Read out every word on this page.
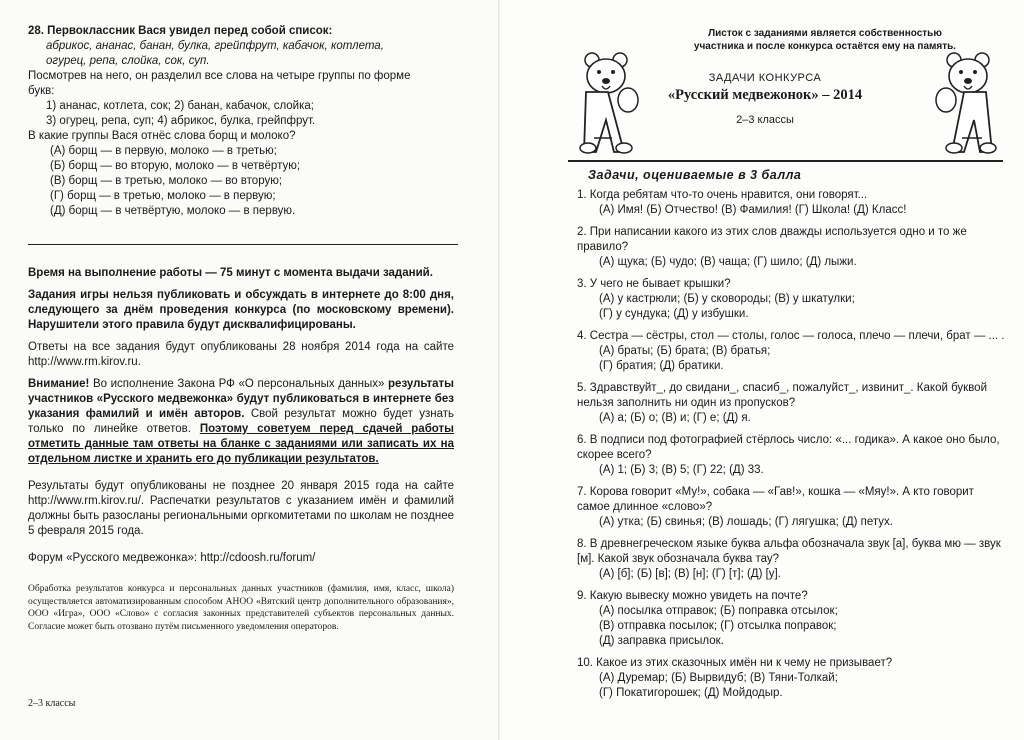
28. Первоклассник Вася увидел перед собой список:
абрикос, ананас, банан, булка, грейпфрут, кабачок, котлета,
огурец, репа, слойка, сок, суп.
Посмотрев на него, он разделил все слова на четыре группы по форме
букв:
1) ананас, котлета, сок; 2) банан, кабачок, слойка;
3) огурец, репа, суп; 4) абрикос, булка, грейпфрут.
В какие группы Вася отнёс слова борщ и молоко?
(А) борщ — в первую, молоко — в третью;
(Б) борщ — во вторую, молоко — в четвёртую;
(В) борщ — в третью, молоко — во вторую;
(Г) борщ — в третью, молоко — в первую;
(Д) борщ — в четвёртую, молоко — в первую.

Время на выполнение работы — 75 минут с момента выдачи заданий.

Задания игры нельзя публиковать и обсуждать в интернете до 8:00 дня, следующего за днём проведения конкурса (по московскому времени). Нарушители этого правила будут дисквалифицированы.

Ответы на все задания будут опубликованы 28 ноября 2014 года на сайте http://www.rm.kirov.ru.

Внимание! Во исполнение Закона РФ «О персональных данных» результаты участников «Русского медвежонка» будут публиковаться в интернете без указания фамилий и имён авторов. Свой результат можно будет узнать только по линейке ответов. Поэтому советуем перед сдачей работы отметить данные там ответы на бланке с заданиями или записать их на отдельном листке и хранить его до публикации результатов.

Результаты будут опубликованы не позднее 20 января 2015 года на сайте http://www.rm.kirov.ru/. Распечатки результатов с указанием имён и фамилий должны быть разосланы региональными оргкомитетами по школам не позднее 5 февраля 2015 года.

Форум «Русского медвежонка»: http://cdoosh.ru/forum/

Обработка результатов конкурса и персональных данных участников (фамилия, имя, класс, школа) осуществляется автоматизированным способом АНОО «Вятский центр дополнительного образования», ООО «Игра», ООО «Слово» с согласия законных представителей субъектов персональных данных. Согласие может быть отозвано путём письменного уведомления операторов.
2–3 классы
Листок с заданиями является собственностью
участника и после конкурса остаётся ему на память.
ЗАДАЧИ КОНКУРСА
«Русский медвежонок» – 2014
2–3 классы
Задачи, оцениваемые в 3 балла
1. Когда ребятам что-то очень нравится, они говорят...
(А) Имя! (Б) Отчество! (В) Фамилия! (Г) Школа! (Д) Класс!
2. При написании какого из этих слов дважды используется одно и то же правило?
(А) щука; (Б) чудо; (В) чаща; (Г) шило; (Д) лыжи.
3. У чего не бывает крышки?
(А) у кастрюли; (Б) у сковороды; (В) у шкатулки;
(Г) у сундука; (Д) у избушки.
4. Сестра — сёстры, стол — столы, голос — голоса, плечо — плечи, брат — ... .
(А) браты; (Б) брата; (В) братья;
(Г) братия; (Д) братики.
5. Здравствуйт_, до свидани_, спасиб_, пожалуйст_, извинит_. Какой буквой нельзя заполнить ни один из пропусков?
(А) а; (Б) о; (В) и; (Г) е; (Д) я.
6. В подписи под фотографией стёрлось число: «... годика». А какое оно было, скорее всего?
(А) 1; (Б) 3; (В) 5; (Г) 22; (Д) 33.
7. Корова говорит «Му!», собака — «Гав!», кошка — «Мяу!». А кто говорит самое длинное «слово»?
(А) утка; (Б) свинья; (В) лошадь; (Г) лягушка; (Д) петух.
8. В древнегреческом языке буква альфа обозначала звук [а], буква мю — звук [м]. Какой звук обозначала буква тау?
(А) [б]; (Б) [в]; (В) [н]; (Г) [т]; (Д) [у].
9. Какую вывеску можно увидеть на почте?
(А) посылка отправок; (Б) поправка отсылок;
(В) отправка посылок; (Г) отсылка поправок;
(Д) заправка присылок.
10. Какое из этих сказочных имён ни к чему не призывает?
(А) Дуремар; (Б) Вырвидуб; (В) Тяни-Толкай;
(Г) Покатигорошек; (Д) Мойдодыр.
